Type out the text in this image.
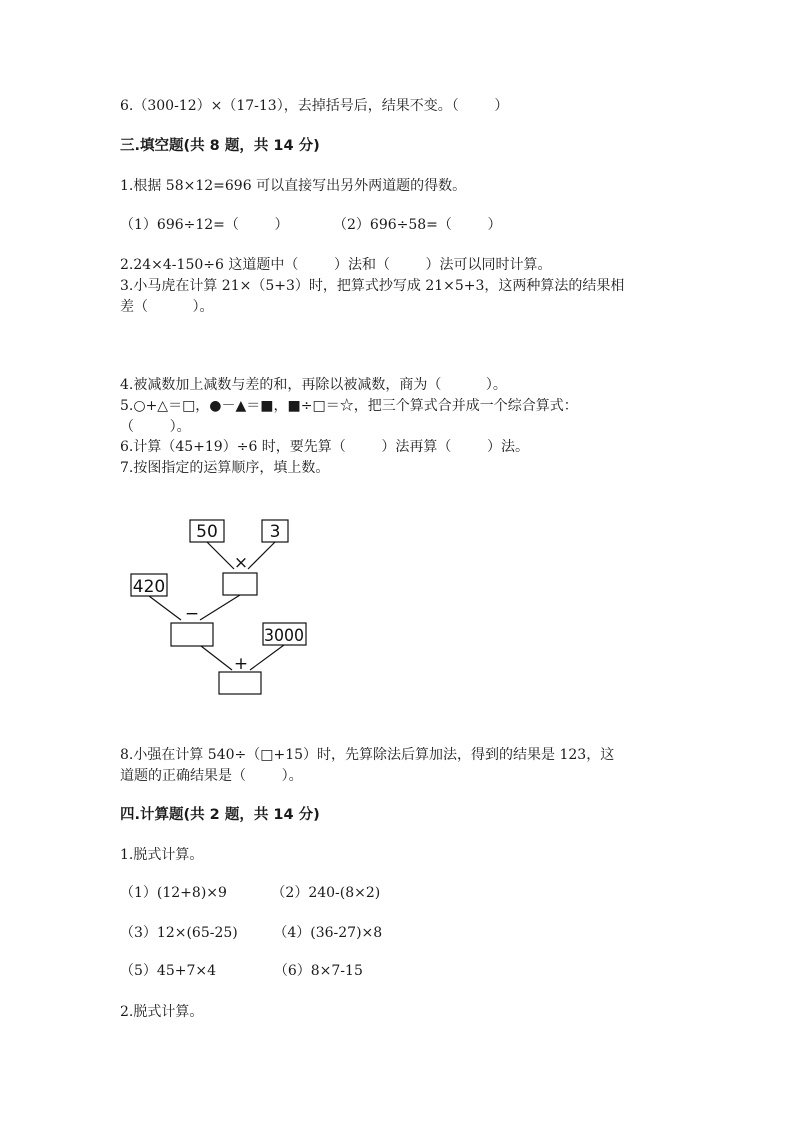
6.（300-12）×（17-13），去掉括号后，结果不变。（        ）
三.填空题(共 8 题，共 14 分)
1.根据 58×12=696 可以直接写出另外两道题的得数。
（1）696÷12=（        ）          （2）696÷58=（        ）
2.24×4-150÷6 这道题中（        ）法和（        ）法可以同时计算。
3.小马虎在计算 21×（5+3）时，把算式抄写成 21×5+3，这两种算法的结果相
差（          ）。
4.被减数加上减数与差的和，再除以被减数，商为（          ）。
5.○+△＝□，●－▲＝■，■÷□＝☆，把三个算式合并成一个综合算式：
（        ）。
6.计算（45+19）÷6 时，要先算（        ）法再算（        ）法。
7.按图指定的运算顺序，填上数。
50	3
×
420
−
3000
+
8.小强在计算 540÷（□+15）时，先算除法后算加法，得到的结果是 123，这
道题的正确结果是（        ）。
四.计算题(共 2 题，共 14 分)
1.脱式计算。
（1）(12+8)×9          （2）240-(8×2)
（3）12×(65-25)        （4）(36-27)×8
（5）45+7×4             （6）8×7-15
2.脱式计算。
